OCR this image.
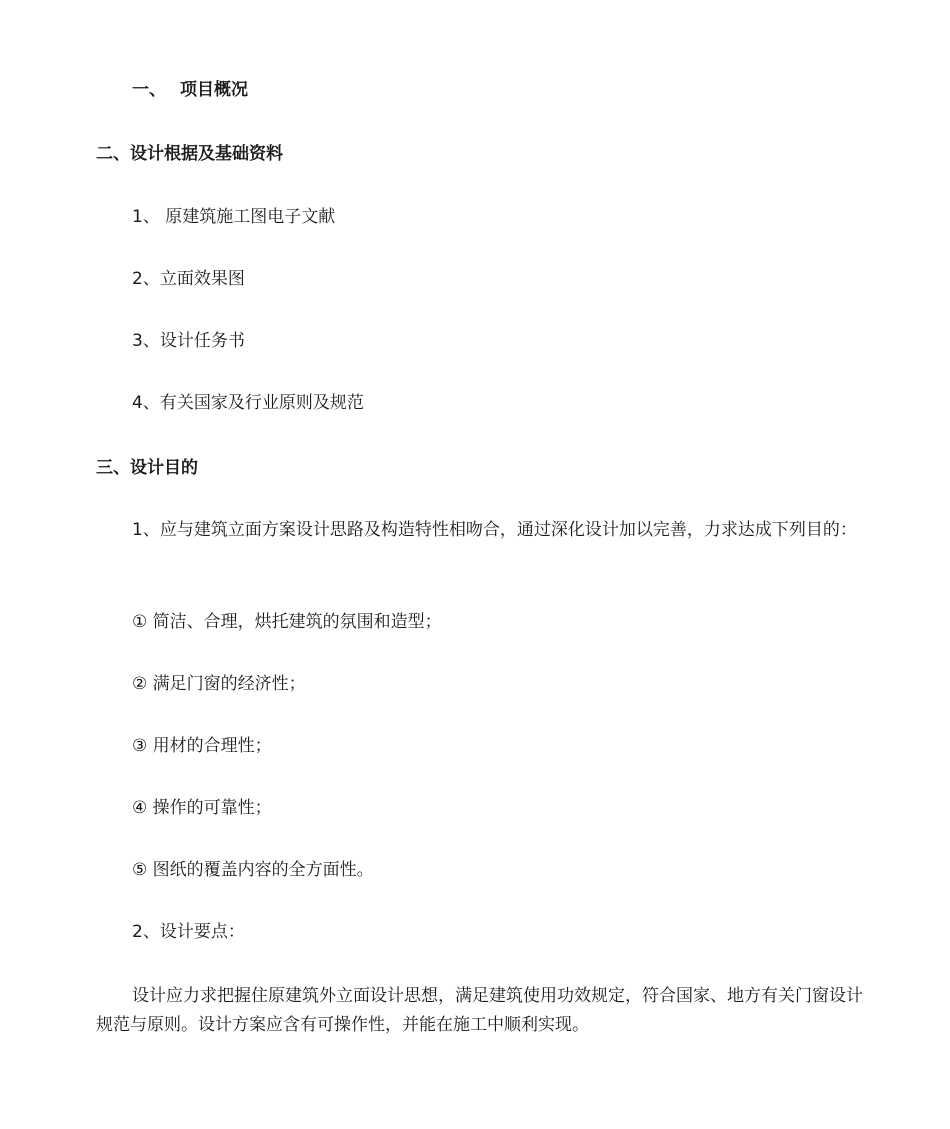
一、 项目概况
二、设计根据及基础资料
1、 原建筑施工图电子文献
2、立面效果图
3、设计任务书
4、有关国家及行业原则及规范
三、设计目的
1、应与建筑立面方案设计思路及构造特性相吻合，通过深化设计加以完善，力求达成下列目的：
① 简洁、合理，烘托建筑的氛围和造型；
② 满足门窗的经济性；
③ 用材的合理性；
④ 操作的可靠性；
⑤ 图纸的覆盖内容的全方面性。
2、设计要点：
设计应力求把握住原建筑外立面设计思想，满足建筑使用功效规定，符合国家、地方有关门窗设计规范与原则。设计方案应含有可操作性，并能在施工中顺利实现。
